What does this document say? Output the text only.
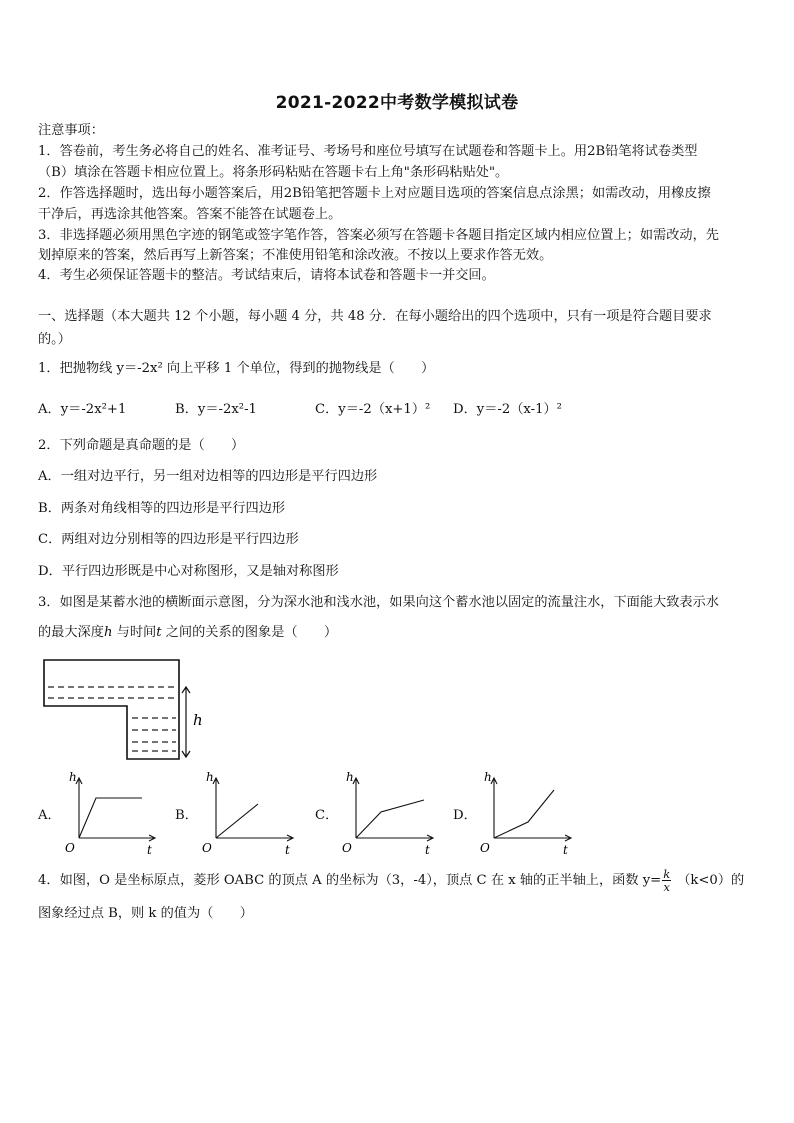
2021-2022中考数学模拟试卷
注意事项：
1．答卷前，考生务必将自己的姓名、准考证号、考场号和座位号填写在试题卷和答题卡上。用2B铅笔将试卷类型
（B）填涂在答题卡相应位置上。将条形码粘贴在答题卡右上角"条形码粘贴处"。
2．作答选择题时，选出每小题答案后，用2B铅笔把答题卡上对应题目选项的答案信息点涂黑；如需改动，用橡皮擦
干净后，再选涂其他答案。答案不能答在试题卷上。
3．非选择题必须用黑色字迹的钢笔或签字笔作答，答案必须写在答题卡各题目指定区域内相应位置上；如需改动，先
划掉原来的答案，然后再写上新答案；不准使用铅笔和涂改液。不按以上要求作答无效。
4．考生必须保证答题卡的整洁。考试结束后，请将本试卷和答题卡一并交回。
一、选择题（本大题共 12 个小题，每小题 4 分，共 48 分．在每小题给出的四个选项中，只有一项是符合题目要求
的。）
1．把抛物线 y＝-2x² 向上平移 1 个单位，得到的抛物线是（　　）
A．y＝-2x²+1	B．y＝-2x²-1	C．y＝-2（x+1）² D．y＝-2（x-1）²
2．下列命题是真命题的是（　　）
A．一组对边平行，另一组对边相等的四边形是平行四边形
B．两条对角线相等的四边形是平行四边形
C．两组对边分别相等的四边形是平行四边形
D．平行四边形既是中心对称图形，又是轴对称图形
3．如图是某蓄水池的横断面示意图，分为深水池和浅水池，如果向这个蓄水池以固定的流量注水，下面能大致表示水
的最大深度h 与时间t 之间的关系的图象是（　　）
h
A．
h
O	t
B．
h
O	t
C．
h
O	t
D．
h
O	t
4．如图，O 是坐标原点，菱形 OABC 的顶点 A 的坐标为（3，-4），顶点 C 在 x 轴的正半轴上，函数 $y= \frac{k}{x} (k<0)$的
图象经过点 B，则 k 的值为（　　）
